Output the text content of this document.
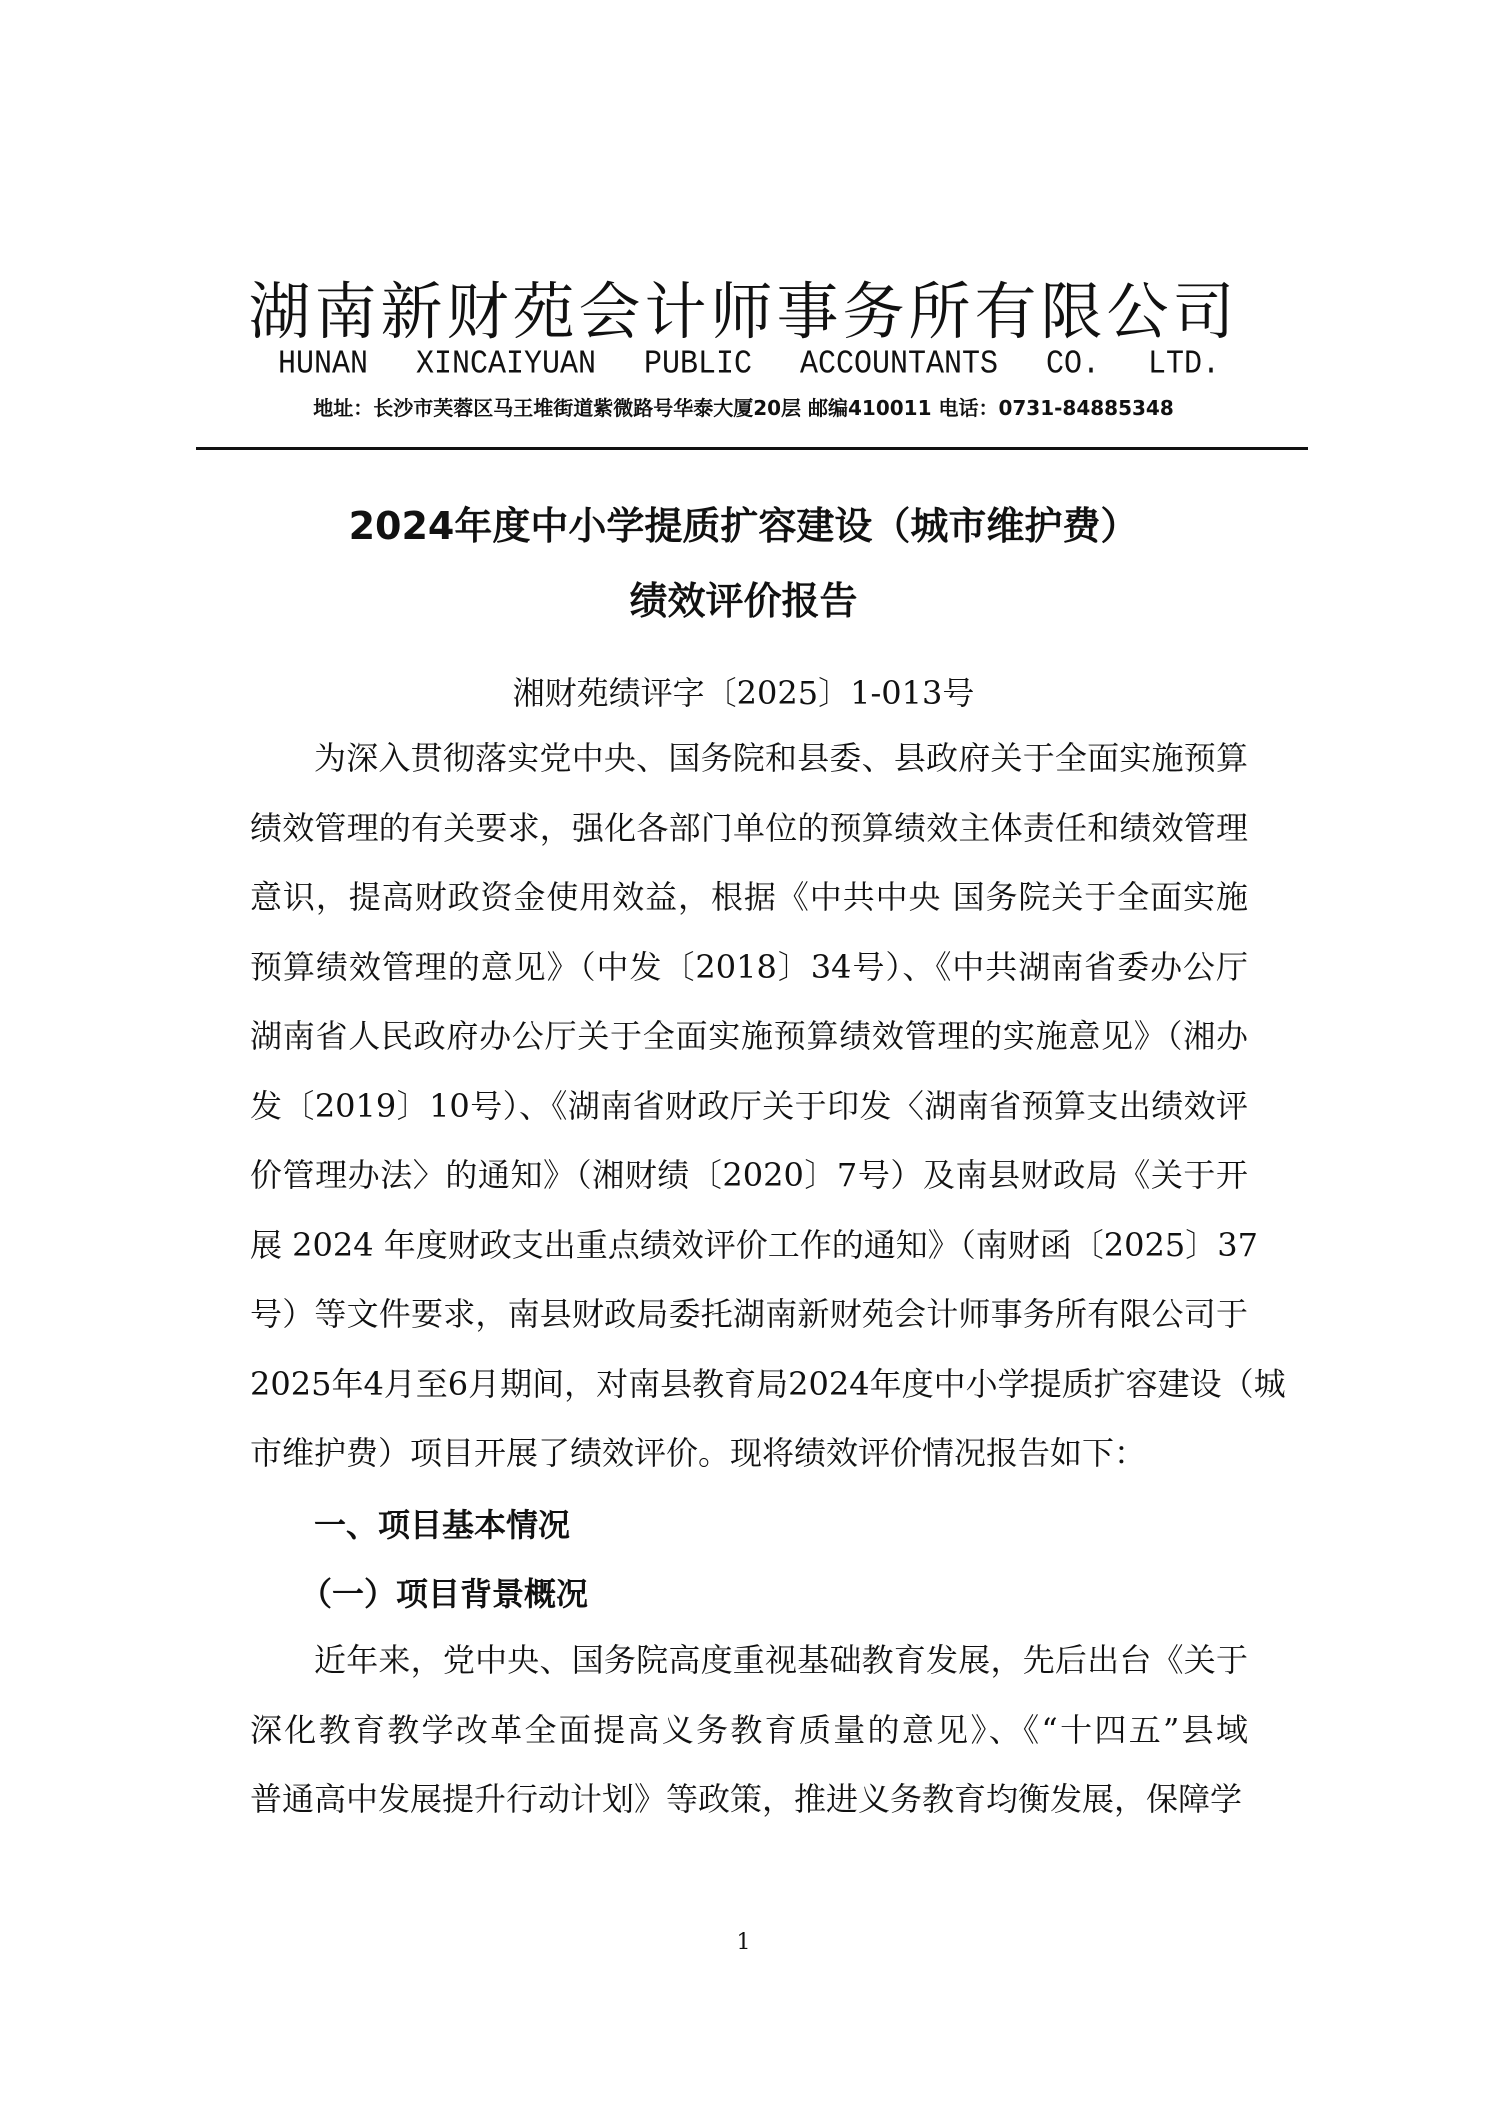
湖南新财苑会计师事务所有限公司
HUNAN XINCAIYUAN PUBLIC ACCOUNTANTS CO. LTD.
地址：长沙市芙蓉区马王堆街道紫微路号华泰大厦20层 邮编410011 电话：0731-84885348
2024年度中小学提质扩容建设（城市维护费）
绩效评价报告
湘财苑绩评字〔2025〕1-013号
为深入贯彻落实党中央、国务院和县委、县政府关于全面实施预算
绩效管理的有关要求，强化各部门单位的预算绩效主体责任和绩效管理
意识，提高财政资金使用效益，根据《中共中央 国务院关于全面实施
预算绩效管理的意见》（中发〔2018〕34号）、《中共湖南省委办公厅
湖南省人民政府办公厅关于全面实施预算绩效管理的实施意见》（湘办
发〔2019〕10号）、《湖南省财政厅关于印发〈湖南省预算支出绩效评
价管理办法〉的通知》（湘财绩〔2020〕7号）及南县财政局《关于开
展 2024 年度财政支出重点绩效评价工作的通知》（南财函〔2025〕37
号）等文件要求，南县财政局委托湖南新财苑会计师事务所有限公司于
2025年4月至6月期间，对南县教育局2024年度中小学提质扩容建设（城
市维护费）项目开展了绩效评价。现将绩效评价情况报告如下：
一、项目基本情况
（一）项目背景概况
近年来，党中央、国务院高度重视基础教育发展，先后出台《关于
深化教育教学改革全面提高义务教育质量的意见》、《“十四五”县域
普通高中发展提升行动计划》等政策，推进义务教育均衡发展，保障学
1
